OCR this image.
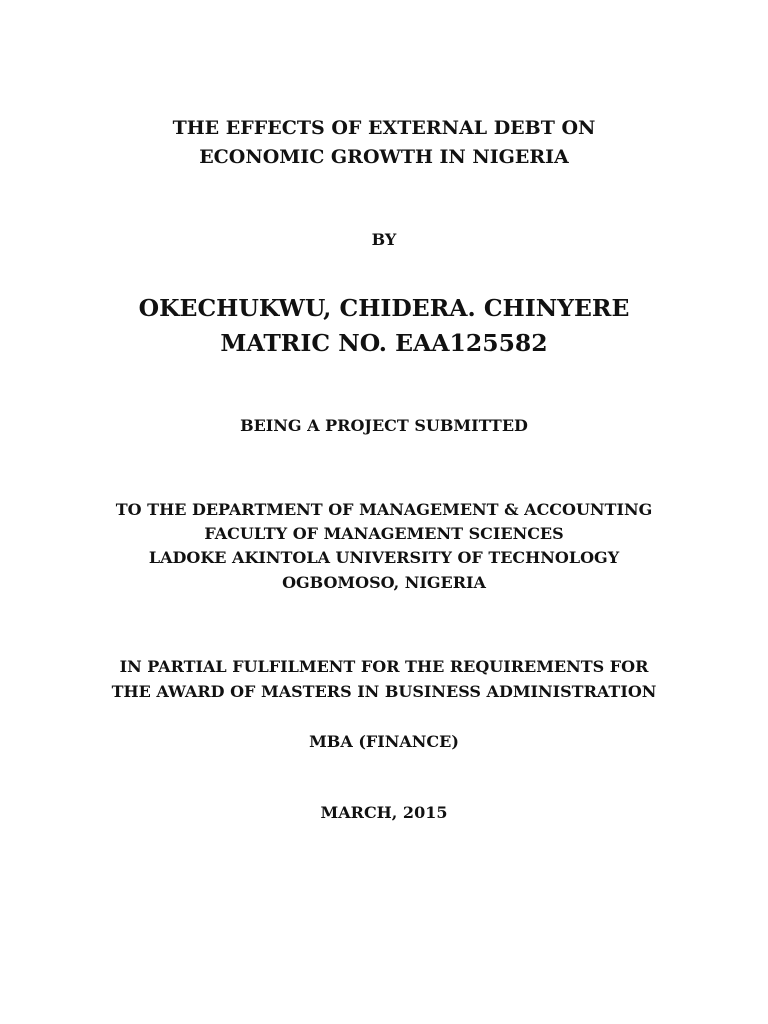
THE EFFECTS OF EXTERNAL DEBT ON

ECONOMIC GROWTH IN NIGERIA

BY

OKECHUKWU, CHIDERA. CHINYERE

MATRIC NO. EAA125582

BEING A PROJECT SUBMITTED

TO THE DEPARTMENT OF MANAGEMENT & ACCOUNTING

FACULTY OF MANAGEMENT SCIENCES

LADOKE AKINTOLA UNIVERSITY OF TECHNOLOGY

OGBOMOSO, NIGERIA

IN PARTIAL FULFILMENT FOR THE REQUIREMENTS FOR

THE AWARD OF MASTERS IN BUSINESS ADMINISTRATION

MBA (FINANCE)

MARCH, 2015
